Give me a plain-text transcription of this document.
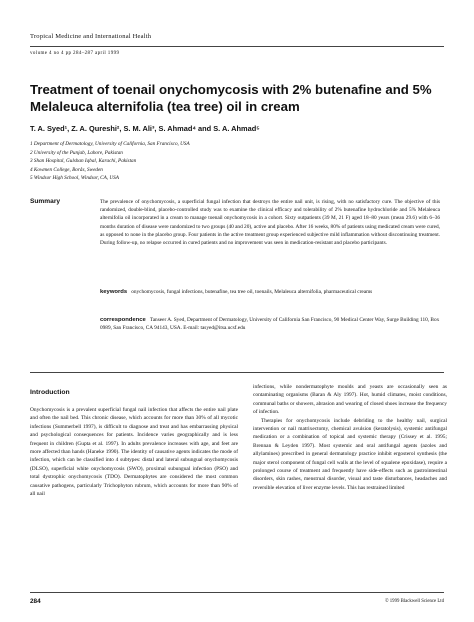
Tropical Medicine and International Health
volume 4 no 4 pp 284–287 april 1999
Treatment of toenail onychomycosis with 2% butenafine and 5%
Melaleuca alternifolia (tea tree) oil in cream
T. A. Syed¹, Z. A. Qureshi², S. M. Ali³, S. Ahmad⁴ and S. A. Ahmad⁵
1 Department of Dermatology, University of California, San Francisco, USA
2 University of the Punjab, Lahore, Pakistan
3 Shan Hospital, Gulshan Iqbal, Karachi, Pakistan
4 Kowmen College, Borås, Sweden
5 Windsor High School, Windsor, CA, USA
Summary	The prevalence of onychomycosis, a superficial fungal infection that destroys the entire nail unit, is rising, with no satisfactory cure. The objective of this randomized, double-blind, placebo-controlled study was to examine the clinical efficacy and tolerability of 2% butenafine hydrochloride and 5% Melaleuca alternifolia oil incorporated in a cream to manage toenail onychomycosis in a cohort. Sixty outpatients (39 M, 21 F) aged 18–80 years (mean 29.6) with 6–36 months duration of disease were randomized to two groups (40 and 20), active and placebo. After 16 weeks, 80% of patients using medicated cream were cured, as opposed to none in the placebo group. Four patients in the active treatment group experienced subjective mild inflammation without discontinuing treatment. During follow-up, no relapse occurred in cured patients and no improvement was seen in medication-resistant and placebo participants.
keywords onychomycosis, fungal infections, butenafine, tea tree oil, toenails, Melaleuca alternifolia, pharmaceutical creams
correspondence Tanseer A. Syed, Department of Dermatology, University of California San Francisco, 90 Medical Center Way, Surge Building 110, Box 0989, San Francisco, CA 94143, USA. E-mail: tasyed@itsa.ucsf.edu
Introduction
Onychomycosis is a prevalent superficial fungal nail infection that affects the entire nail plate and often the nail bed. This chronic disease, which accounts for more than 30% of all mycotic infections (Summerbell 1997), is difficult to diagnose and treat and has embarrassing physical and psychological consequences for patients. Incidence varies geographically and is less frequent in children (Gupta et al. 1997). In adults prevalence increases with age, and feet are more affected than hands (Haneke 1990). The identity of causative agents indicates the mode of infection, which can be classified into 4 subtypes: distal and lateral subungual onychomycosis (DLSO), superficial white onychomycosis (SWO), proximal subungual infection (PSO) and total dystrophic onychomycosis (TDO). Dermatophytes are considered the most common causative pathogens, particularly Trichophyton rubrum, which accounts for more than 90% of all nail
infections, while nondermatophyte moulds and yeasts are occasionally seen as contaminating organisms (Baran & Aly 1997). Hot, humid climates, moist conditions, communal baths or showers, abrasion and wearing of closed shoes increase the frequency of infection.
Therapies for onychomycosis include debriding to the healthy nail, surgical intervention or nail matrixectomy, chemical avulsion (keratolysis), systemic antifungal medication or a combination of topical and systemic therapy (Crissey et al. 1995; Brennan & Leyden 1997). Most systemic and oral antifungal agents (azoles and allylamines) prescribed in general dermatology practice inhibit ergosterol synthesis (the major sterol component of fungal cell walls at the level of squalene epoxidase), require a prolonged course of treatment and frequently have side-effects such as gastrointestinal disorders, skin rashes, menstrual disorder, visual and taste disturbances, headaches and reversible elevation of liver enzyme levels. This has restrained limited
284	© 1999 Blackwell Science Ltd
